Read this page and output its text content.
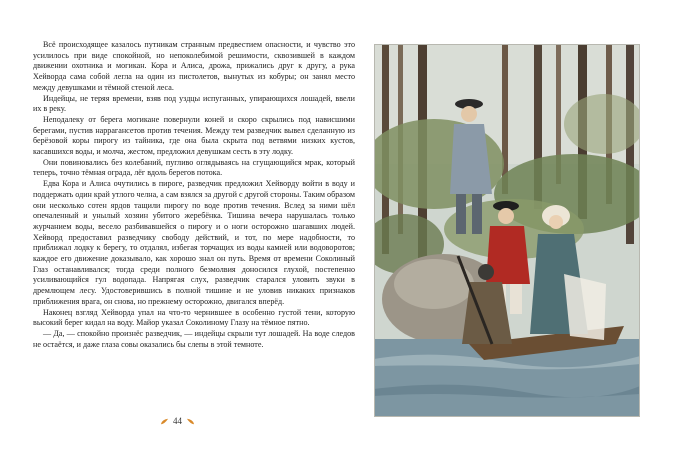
Всё происходящее казалось путникам странным предвестием опасности, и чувство это усилилось при виде спокойной, но непоколебимой решимости, сквозившей в каждом движении охотника и могикан. Кора и Алиса, дрожа, прижались друг к другу, а рука Хейворда сама собой легла на один из пистолетов, вынутых из кобуры; он занял место между девушками и тёмной стеной леса.

Индейцы, не теряя времени, взяв под уздцы испуганных, упирающихся лошадей, ввели их в реку.

Неподалеку от берега могикане повернули коней и скоро скрылись под нависшими берегами, пустив наррагансетов против течения. Между тем разведчик вывел сделанную из берёзовой коры пирогу из тайника, где она была скрыта под ветвями низких кустов, касавшихся воды, и молча, жестом, предложил девушкам сесть в эту лодку.

Они повиновались без колебаний, пугливо оглядываясь на сгущающийся мрак, который теперь, точно тёмная ограда, лёг вдоль берегов потока.

Едва Кора и Алиса очутились в пироге, разведчик предложил Хейворду войти в воду и поддержать один край утлого челна, а сам взялся за другой с другой стороны. Таким образом они несколько сотен ярдов тащили пирогу по воде против течения. Вслед за ними шёл опечаленный и унылый хозяин убитого жеребёнка. Тишина вечера нарушалась только журчанием воды, весело разбивавшейся о пирогу и о ноги осторожно шагавших людей. Хейворд предоставил разведчику свободу действий, и тот, по мере надобности, то приближал лодку к берегу, то отдалял, избегая торчащих из воды камней или водоворотов; каждое его движение доказывало, как хорошо знал он путь. Время от времени Соколиный Глаз останавливался; тогда среди полного безмолвия доносился глухой, постепенно усиливающийся гул водопада. Напрягая слух, разведчик старался уловить звуки в дремлющем лесу. Удостоверившись в полной тишине и не уловив никаких признаков приближения врага, он снова, но прежнему осторожно, двигался вперёд.

Наконец взгляд Хейворда упал на что-то чернившее в особенно густой тени, которую высокий берег кидал на воду. Майор указал Соколиному Глазу на тёмное пятно.

— Да, — спокойно произнёс разведчик, — индейцы скрыли тут лошадей. На воде следов не остаётся, и даже глаза совы оказались бы слепы в этой темноте.

44
